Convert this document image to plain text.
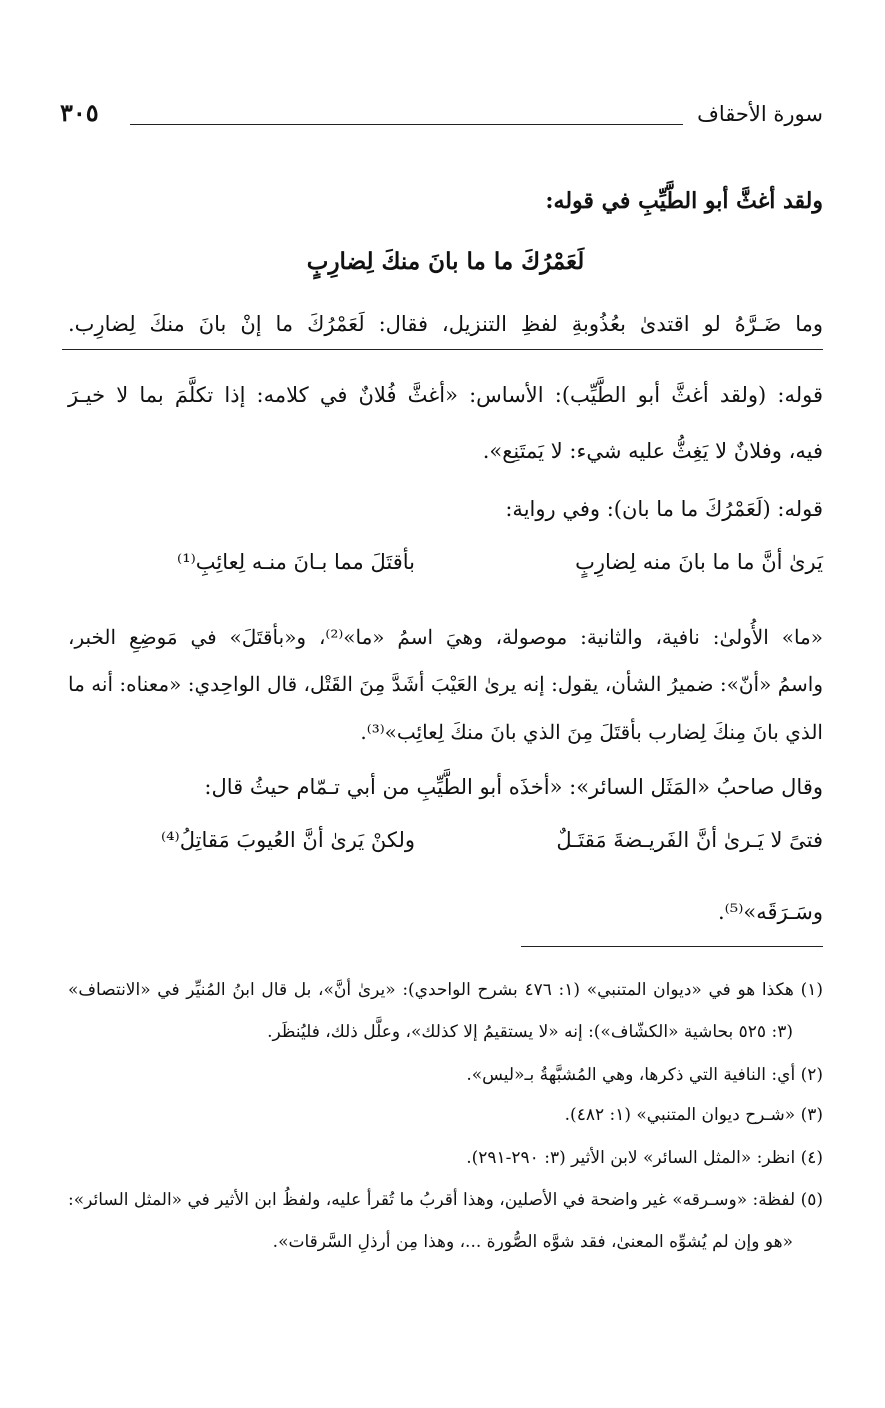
سورة الأحقاف
٣٠٥
ولقد أغثَّ أبو الطَّيِّبِ في قوله:
لَعَمْرُكَ ما ما بانَ منكَ لِضارِبٍ
وما ضَـرَّهُ لو اقتدىٰ بعُذُوبةِ لفظِ التنزيل، فقال: لَعَمْرُكَ ما إنْ بانَ منكَ لِضارِب.
قوله: (ولقد أغثَّ أبو الطَّيِّب): الأساس: «أغثَّ فُلانٌ في كلامه: إذا تكلَّمَ بما لا خيـرَ
فيه، وفلانٌ لا يَغِثُّ عليه شيء: لا يَمتَنِع».
قوله: (لَعَمْرُكَ ما ما بان): وفي رواية:
يَرىٰ أنَّ ما ما بانَ منه لِضارِبٍ
بأقتَلَ مما بـانَ منـه لِعائِبِ⁽¹⁾
«ما» الأُولىٰ: نافية، والثانية: موصولة، وهيَ اسمُ «ما»⁽²⁾، و«بأقتَلَ» في مَوضِعِ الخبر،
واسمُ «أنّ»: ضميرُ الشأن، يقول: إنه يرىٰ العَيْبَ أشَدَّ مِنَ القَتْل، قال الواحِدي: «معناه: أنه ما
الذي بانَ مِنكَ لِضارب بأقتَلَ مِنَ الذي بانَ منكَ لِعائِب»⁽³⁾.
وقال صاحبُ «المَثَل السائر»: «أخذَه أبو الطَّيِّبِ من أبي تـمّام حيثُ قال:
فتىً لا يَـرىٰ أنَّ الفَريـضةَ مَقتَـلٌ
ولكنْ يَرىٰ أنَّ العُيوبَ مَقاتِلُ⁽⁴⁾
وسَـرَقَه»⁽⁵⁾.
(١) هكذا هو في «ديوان المتنبي» (١: ٤٧٦ بشرح الواحدي): «يرىٰ أنَّ»، بل قال ابنُ المُنيِّر في «الانتصاف»
(٣: ٥٢٥ بحاشية «الكشّاف»): إنه «لا يستقيمُ إلا كذلك»، وعلَّل ذلك، فليُنظَر.
(٢) أي: النافية التي ذكرها، وهي المُشبَّهةُ بـ«ليس».
(٣) «شـرح ديوان المتنبي» (١: ٤٨٢).
(٤) انظر: «المثل السائر» لابن الأثير (٣: ٢٩٠-٢٩١).
(٥) لفظة: «وسـرقه» غير واضحة في الأصلين، وهذا أقربُ ما تُقرأ عليه، ولفظُ ابن الأثير في «المثل السائر»:
«هو وإن لم يُشوِّه المعنىٰ، فقد شوَّه الصُّورة ...، وهذا مِن أرذلِ السَّرقات».
